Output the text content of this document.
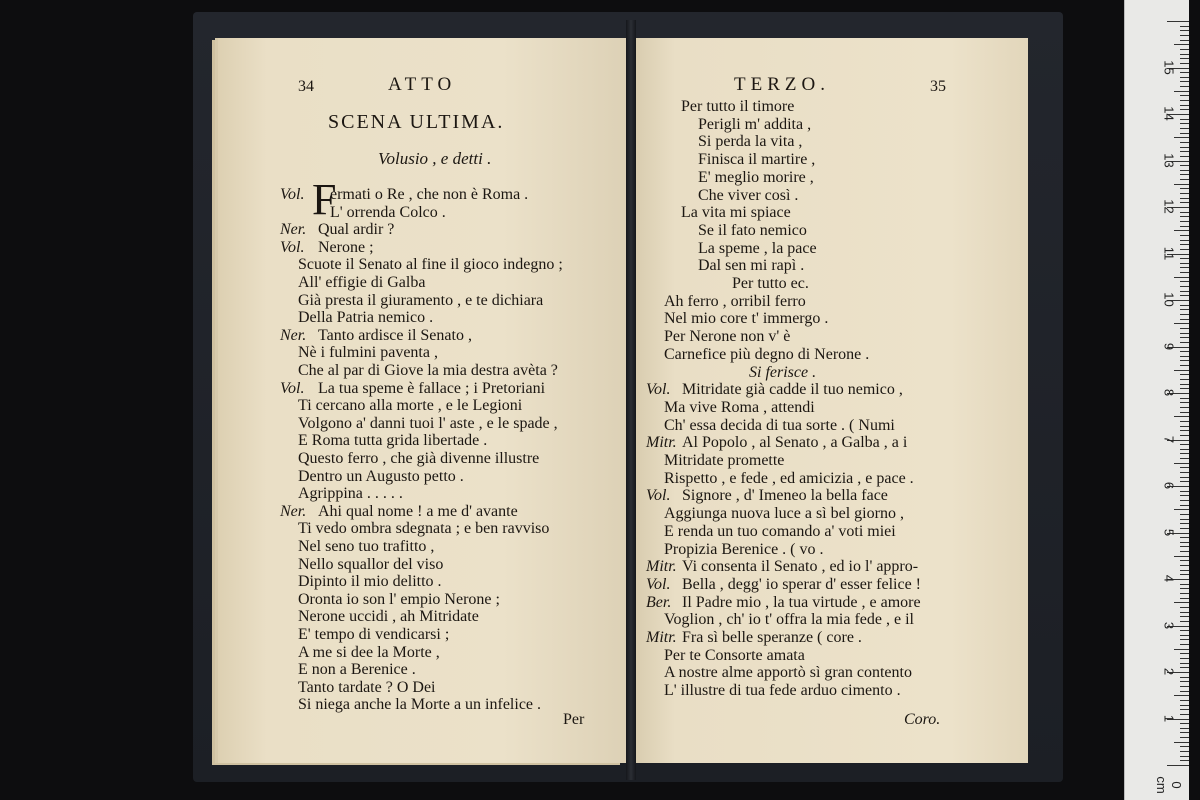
34	ATTO
SCENA ULTIMA.
Volusio , e detti .
F
Vol. ermati o Re , che non è Roma .
L' orrenda Colco .
Ner. Qual ardir ?
Vol. Nerone ;
Scuote il Senato al fine il gioco indegno ;
All' effigie di Galba
Già presta il giuramento , e te dichiara
Della Patria nemico .
Ner. Tanto ardisce il Senato ,
Nè i fulmini paventa ,
Che al par di Giove la mia destra avèta ?
Vol. La tua speme è fallace ; i Pretoriani
Ti cercano alla morte , e le Legioni
Volgono a' danni tuoi l' aste , e le spade ,
E Roma tutta grida libertade .
Questo ferro , che già divenne illustre
Dentro un Augusto petto .
Agrippina . . . . .
Ner. Ahi qual nome ! a me d' avante
Ti vedo ombra sdegnata ; e ben ravviso
Nel seno tuo trafitto ,
Nello squallor del viso
Dipinto il mio delitto .
Oronta io son l' empio Nerone ;
Nerone uccidi , ah Mitridate
E' tempo di vendicarsi ;
A me si dee la Morte ,
E non a Berenice .
Tanto tardate ? O Dei
Si niega anche la Morte a un infelice .
Per
TERZO.	35
Per tutto il timore
Perigli m' addita ,
Si perda la vita ,
Finisca il martire ,
E' meglio morire ,
Che viver così .
La vita mi spiace
Se il fato nemico
La speme , la pace
Dal sen mi rapì .
Per tutto ec.
Ah ferro , orribil ferro
Nel mio core t' immergo .
Per Nerone non v' è
Carnefice più degno di Nerone .
Si ferisce .
Vol. Mitridate già cadde il tuo nemico ,
Ma vive Roma , attendi
Ch' essa decida di tua sorte . ( Numi
Mitr. Al Popolo , al Senato , a Galba , a i
Mitridate promette
Rispetto , e fede , ed amicizia , e pace .
Vol. Signore , d' Imeneo la bella face
Aggiunga nuova luce a sì bel giorno ,
E renda un tuo comando a' voti miei
Propizia Berenice . ( vo .
Mitr. Vi consenta il Senato , ed io l' appro-
Vol. Bella , degg' io sperar d' esser felice !
Ber. Il Padre mio , la tua virtude , e amore
Voglion , ch' io t' offra la mia fede , e il
Mitr. Fra sì belle speranze ( core .
Per te Consorte amata
A nostre alme apportò sì gran contento
L' illustre di tua fede arduo cimento .
Coro.
0 cm
1
2
3
4
5
6
7
8
9
10
11
12
13
14
15
